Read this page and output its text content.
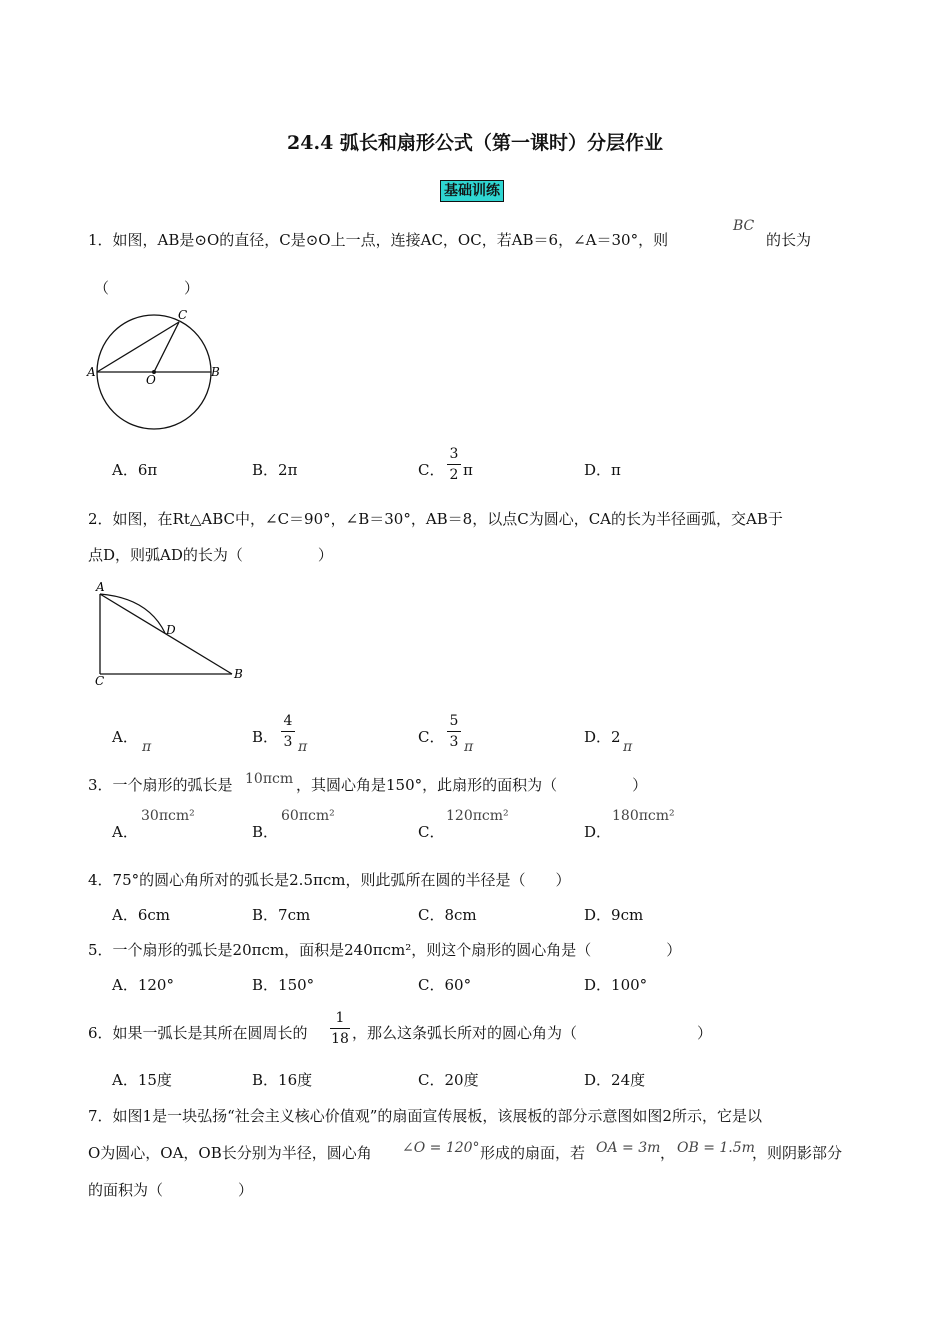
24.4 弧长和扇形公式（第一课时）分层作业
基础训练
1．如图，AB是⊙O的直径，C是⊙O上一点，连接AC，OC，若AB＝6，∠A＝30°，则
BC
的长为
（　　　　　）
A	B
C
O
A．6π	B．2π	C．
3
2 π	D．π
2．如图，在Rt△ABC中，∠C＝90°，∠B＝30°，AB＝8，以点C为圆心，CA的长为半径画弧，交AB于
点D，则弧AD的长为（　　　　　）
A
C	B
D
A．
π
B．
4
3 π
C．
5
3 π
D．2
π
3．一个扇形的弧长是 10πcm ，其圆心角是150°，此扇形的面积为（　　　　　）
A．
30πcm²
B．
60πcm²
C．
120πcm²
D．
180πcm²
4．75°的圆心角所对的弧长是2.5πcm，则此弧所在圆的半径是（　　）
A．6cm	B．7cm	C．8cm	D．9cm
5．一个扇形的弧长是20πcm，面积是240πcm²，则这个扇形的圆心角是（　　　　　）
A．120°	B．150°	C．60°	D．100°
6．如果一弧长是其所在圆周长的
1
18 ，那么这条弧长所对的圆心角为（　　　　　　　　）
A．15度	B．16度	C．20度	D．24度
7．如图1是一块弘扬“社会主义核心价值观”的扇面宣传展板，该展板的部分示意图如图2所示，它是以
O为圆心，OA，OB长分别为半径，圆心角 ∠O = 120° 形成的扇面，若 OA = 3m ， OB = 1.5m
，则阴影部分
的面积为（　　　　　）
